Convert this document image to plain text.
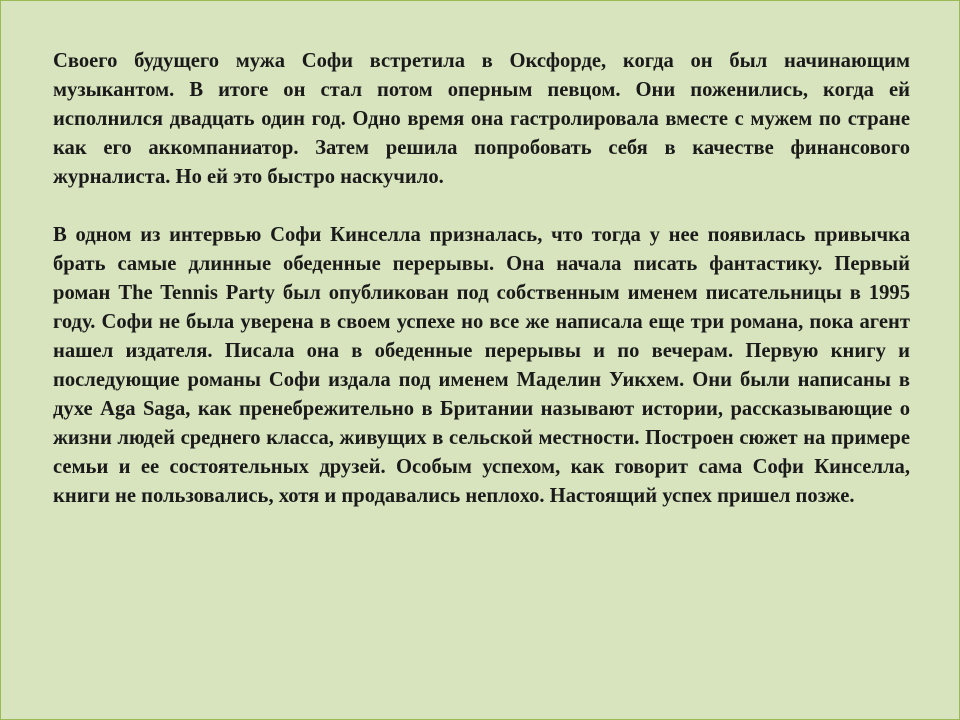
Своего будущего мужа Софи встретила в Оксфорде, когда он был начинающим музыкантом. В итоге он стал потом оперным певцом. Они поженились, когда ей исполнился двадцать один год. Одно время она гастролировала вместе с мужем по стране как его аккомпаниатор. Затем решила попробовать себя в качестве финансового журналиста. Но ей это быстро наскучило.

В одном из интервью Софи Кинселла призналась, что тогда у нее появилась привычка брать самые длинные обеденные перерывы. Она начала писать фантастику. Первый роман The Tennis Party был опубликован под собственным именем писательницы в 1995 году. Софи не была уверена в своем успехе но все же написала еще три романа, пока агент нашел издателя. Писала она в обеденные перерывы и по вечерам. Первую книгу и последующие романы Софи издала под именем Маделин Уикхем. Они были написаны в духе Aga Saga, как пренебрежительно в Британии называют истории, рассказывающие о жизни людей среднего класса, живущих в сельской местности. Построен сюжет на примере семьи и ее состоятельных друзей. Особым успехом, как говорит сама Софи Кинселла, книги не пользовались, хотя и продавались неплохо. Настоящий успех пришел позже.
